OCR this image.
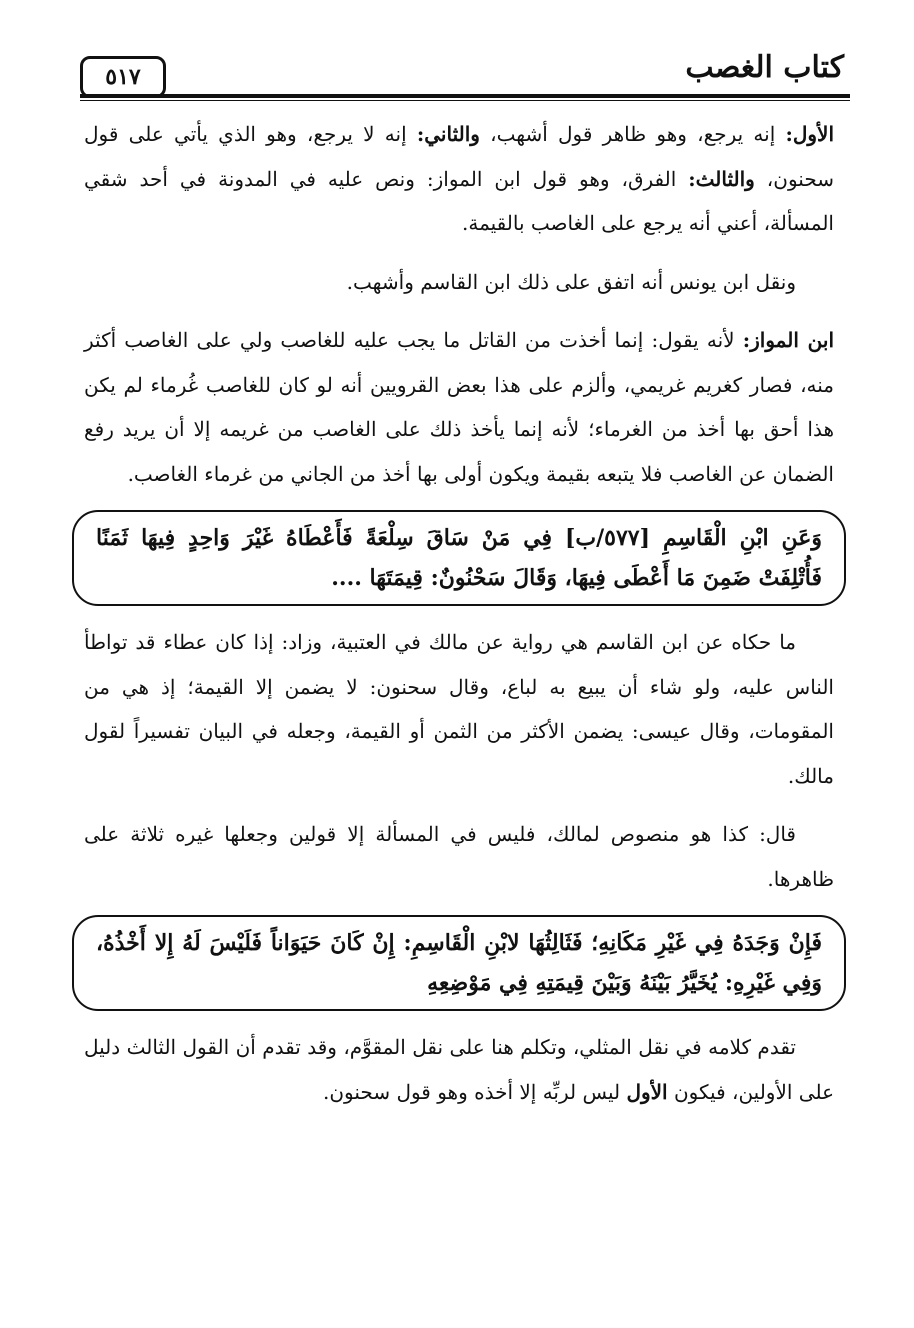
٥١٧	كتاب الغصب

الأول: إنه يرجع، وهو ظاهر قول أشهب، والثاني: إنه لا يرجع، وهو الذي يأتي على قول سحنون، والثالث: الفرق، وهو قول ابن المواز: ونص عليه في المدونة في أحد شقي المسألة، أعني أنه يرجع على الغاصب بالقيمة.

ونقل ابن يونس أنه اتفق على ذلك ابن القاسم وأشهب.

ابن المواز: لأنه يقول: إنما أخذت من القاتل ما يجب عليه للغاصب ولي على الغاصب أكثر منه، فصار كغريم غريمي، وألزم على هذا بعض القرويين أنه لو كان للغاصب غُرماء لم يكن هذا أحق بها أخذ من الغرماء؛ لأنه إنما يأخذ ذلك على الغاصب من غريمه إلا أن يريد رفع الضمان عن الغاصب فلا يتبعه بقيمة ويكون أولى بها أخذ من الجاني من غرماء الغاصب.

وَعَنِ ابْنِ الْقَاسِمِ [٥٧٧/ب] فِي مَنْ سَاقَ سِلْعَةً فَأَعْطَاهُ غَيْرَ وَاحِدٍ فِيهَا ثَمَنًا فَأُتْلِفَتْ ضَمِنَ مَا أَعْطَى فِيهَا، وَقَالَ سَحْنُونٌ: قِيمَتَهَا ....

ما حكاه عن ابن القاسم هي رواية عن مالك في العتبية، وزاد: إذا كان عطاء قد تواطأ الناس عليه، ولو شاء أن يبيع به لباع، وقال سحنون: لا يضمن إلا القيمة؛ إذ هي من المقومات، وقال عيسى: يضمن الأكثر من الثمن أو القيمة، وجعله في البيان تفسيراً لقول مالك.

قال: كذا هو منصوص لمالك، فليس في المسألة إلا قولين وجعلها غيره ثلاثة على ظاهرها.

فَإِنْ وَجَدَهُ فِي غَيْرِ مَكَانِهِ؛ فَثَالِثُهَا لابْنِ الْقَاسِمِ: إِنْ كَانَ حَيَوَاناً فَلَيْسَ لَهُ إِلا أَخْذُهُ، وَفِي غَيْرِهِ: يُخَيَّرُ بَيْنَهُ وَبَيْنَ قِيمَتِهِ فِي مَوْضِعِهِ

تقدم كلامه في نقل المثلي، وتكلم هنا على نقل المقوَّم، وقد تقدم أن القول الثالث دليل على الأولين، فيكون الأول ليس لربِّه إلا أخذه وهو قول سحنون.
